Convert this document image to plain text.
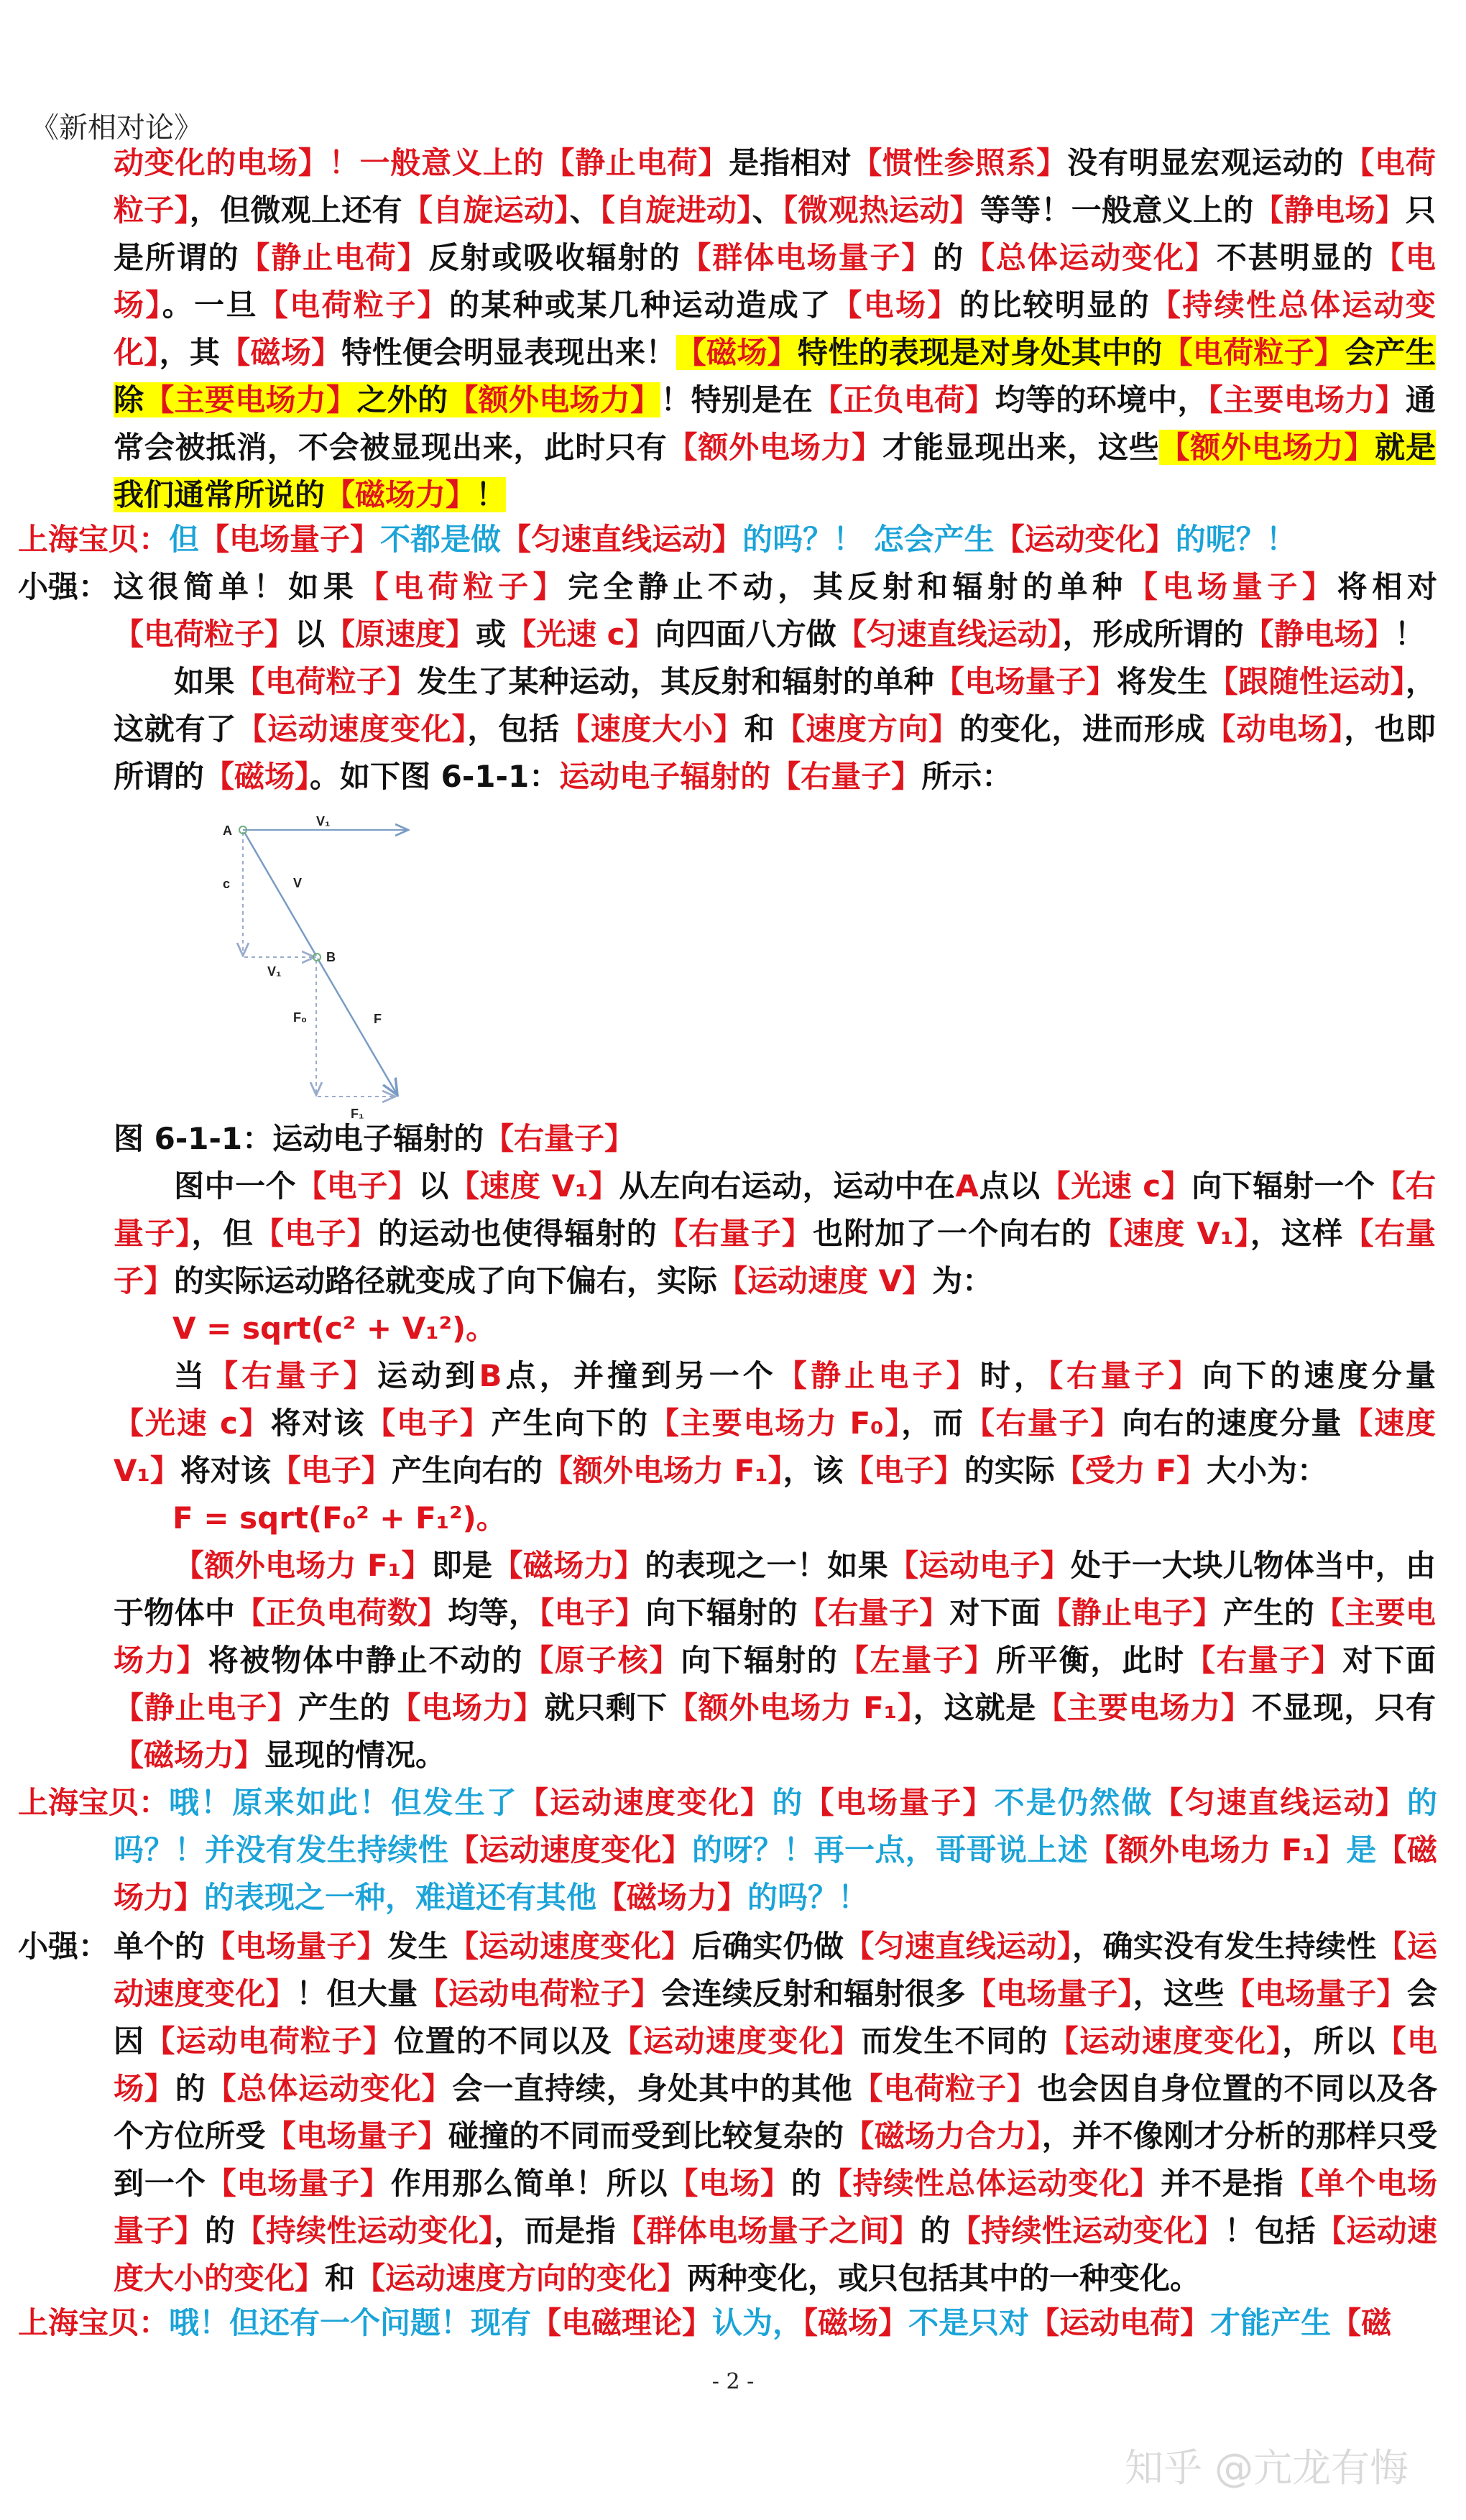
《新相对论》

动变化的电场】！一般意义上的【静止电荷】是指相对【惯性参照系】没有明显宏观运动的【电荷粒子】，但微观上还有【自旋运动】、【自旋进动】、【微观热运动】等等！一般意义上的【静电场】只是所谓的【静止电荷】反射或吸收辐射的【群体电场量子】的【总体运动变化】不甚明显的【电场】。一旦【电荷粒子】的某种或某几种运动造成了【电场】的比较明显的【持续性总体运动变化】，其【磁场】特性便会明显表现出来！【磁场】特性的表现是对身处其中的【电荷粒子】会产生除【主要电场力】之外的【额外电场力】！特别是在【正负电荷】均等的环境中，【主要电场力】通常会被抵消，不会被显现出来，此时只有【额外电场力】才能显现出来，这些【额外电场力】就是我们通常所说的【磁场力】！

上海宝贝： 但【电场量子】不都是做【匀速直线运动】的吗？！ 怎会产生【运动变化】的呢？！

小强： 这很简单！如果【电荷粒子】完全静止不动，其反射和辐射的单种【电场量子】将相对【电荷粒子】以【原速度】或【光速 c】向四面八方做【匀速直线运动】，形成所谓的【静电场】！

如果【电荷粒子】发生了某种运动，其反射和辐射的单种【电场量子】将发生【跟随性运动】，这就有了【运动速度变化】，包括【速度大小】和【速度方向】的变化，进而形成【动电场】，也即所谓的【磁场】。如下图 6-1-1：运动电子辐射的【右量子】所示：

A
V₁
c	V
B
V₁
F₀	F
F₁

图 6-1-1：运动电子辐射的【右量子】

图中一个【电子】以【速度 V₁】从左向右运动，运动中在A点以【光速 c】向下辐射一个【右量子】，但【电子】的运动也使得辐射的【右量子】也附加了一个向右的【速度 V₁】，这样【右量子】的实际运动路径就变成了向下偏右，实际【运动速度 V】为：

V = sqrt(c² + V₁²)。

当【右量子】运动到B点，并撞到另一个【静止电子】时，【右量子】向下的速度分量【光速 c】将对该【电子】产生向下的【主要电场力 F₀】，而【右量子】向右的速度分量【速度 V₁】将对该【电子】产生向右的【额外电场力 F₁】，该【电子】的实际【受力 F】大小为：

F = sqrt(F₀² + F₁²)。

【额外电场力 F₁】即是【磁场力】的表现之一！如果【运动电子】处于一大块儿物体当中，由于物体中【正负电荷数】均等，【电子】向下辐射的【右量子】对下面【静止电子】产生的【主要电场力】将被物体中静止不动的【原子核】向下辐射的【左量子】所平衡，此时【右量子】对下面【静止电子】产生的【电场力】就只剩下【额外电场力 F₁】，这就是【主要电场力】不显现，只有【磁场力】显现的情况。

上海宝贝： 哦！原来如此！但发生了【运动速度变化】的【电场量子】不是仍然做【匀速直线运动】的吗？！并没有发生持续性【运动速度变化】的呀？！再一点，哥哥说上述【额外电场力 F₁】是【磁场力】的表现之一种，难道还有其他【磁场力】的吗？！

小强： 单个的【电场量子】发生【运动速度变化】后确实仍做【匀速直线运动】，确实没有发生持续性【运动速度变化】！但大量【运动电荷粒子】会连续反射和辐射很多【电场量子】，这些【电场量子】会因【运动电荷粒子】位置的不同以及【运动速度变化】而发生不同的【运动速度变化】，所以【电场】的【总体运动变化】会一直持续，身处其中的其他【电荷粒子】也会因自身位置的不同以及各个方位所受【电场量子】碰撞的不同而受到比较复杂的【磁场力合力】，并不像刚才分析的那样只受到一个【电场量子】作用那么简单！所以【电场】的【持续性总体运动变化】并不是指【单个电场量子】的【持续性运动变化】，而是指【群体电场量子之间】的【持续性运动变化】！包括【运动速度大小的变化】和【运动速度方向的变化】两种变化，或只包括其中的一种变化。

上海宝贝： 哦！但还有一个问题！现有【电磁理论】认为，【磁场】不是只对【运动电荷】才能产生【磁

- 2 -
知乎 @亢龙有悔
